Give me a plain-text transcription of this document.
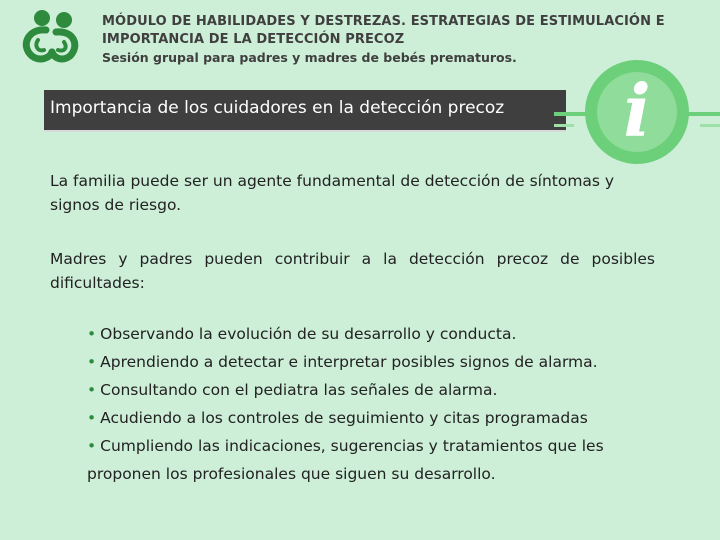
MÓDULO DE HABILIDADES Y DESTREZAS. ESTRATEGIAS DE ESTIMULACIÓN E
IMPORTANCIA DE LA DETECCIÓN PRECOZ
Sesión grupal para padres y madres de bebés prematuros.
Importancia de los cuidadores en la detección precoz i
La familia puede ser un agente fundamental de detección de síntomas y signos de riesgo.
Madres y padres pueden contribuir a la detección precoz de posibles dificultades:
• Observando la evolución de su desarrollo y conducta.
• Aprendiendo a detectar e interpretar posibles signos de alarma.
• Consultando con el pediatra las señales de alarma.
• Acudiendo a los controles de seguimiento y citas programadas
• Cumpliendo las indicaciones, sugerencias y tratamientos que les proponen los profesionales que siguen su desarrollo.
